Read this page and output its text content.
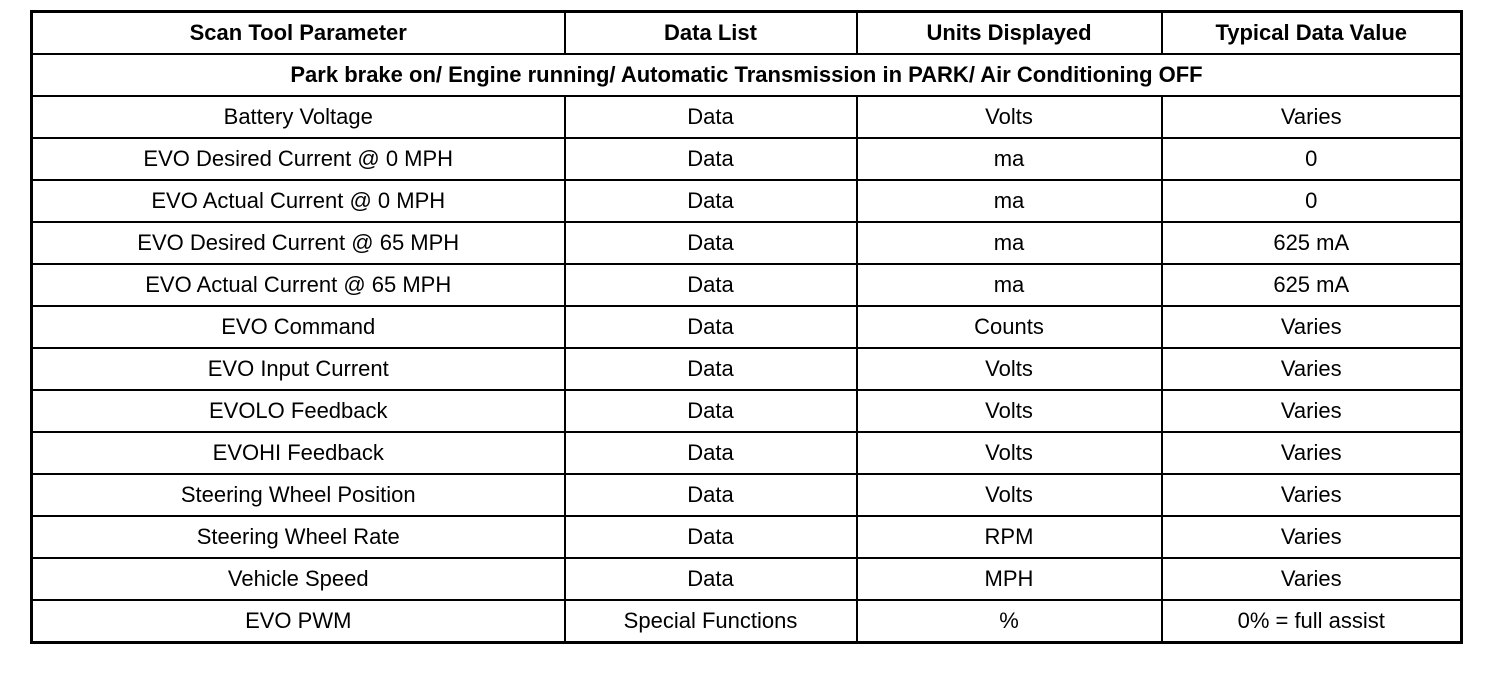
Scan Tool Parameter	Data List	Units Displayed	Typical Data Value
Park brake on/ Engine running/ Automatic Transmission in PARK/ Air Conditioning OFF			
Battery Voltage	Data	Volts	Varies
EVO Desired Current @ 0 MPH	Data	ma	0
EVO Actual Current @ 0 MPH	Data	ma	0
EVO Desired Current @ 65 MPH	Data	ma	625 mA
EVO Actual Current @ 65 MPH	Data	ma	625 mA
EVO Command	Data	Counts	Varies
EVO Input Current	Data	Volts	Varies
EVOLO Feedback	Data	Volts	Varies
EVOHI Feedback	Data	Volts	Varies
Steering Wheel Position	Data	Volts	Varies
Steering Wheel Rate	Data	RPM	Varies
Vehicle Speed	Data	MPH	Varies
EVO PWM	Special Functions	%	0% = full assist
